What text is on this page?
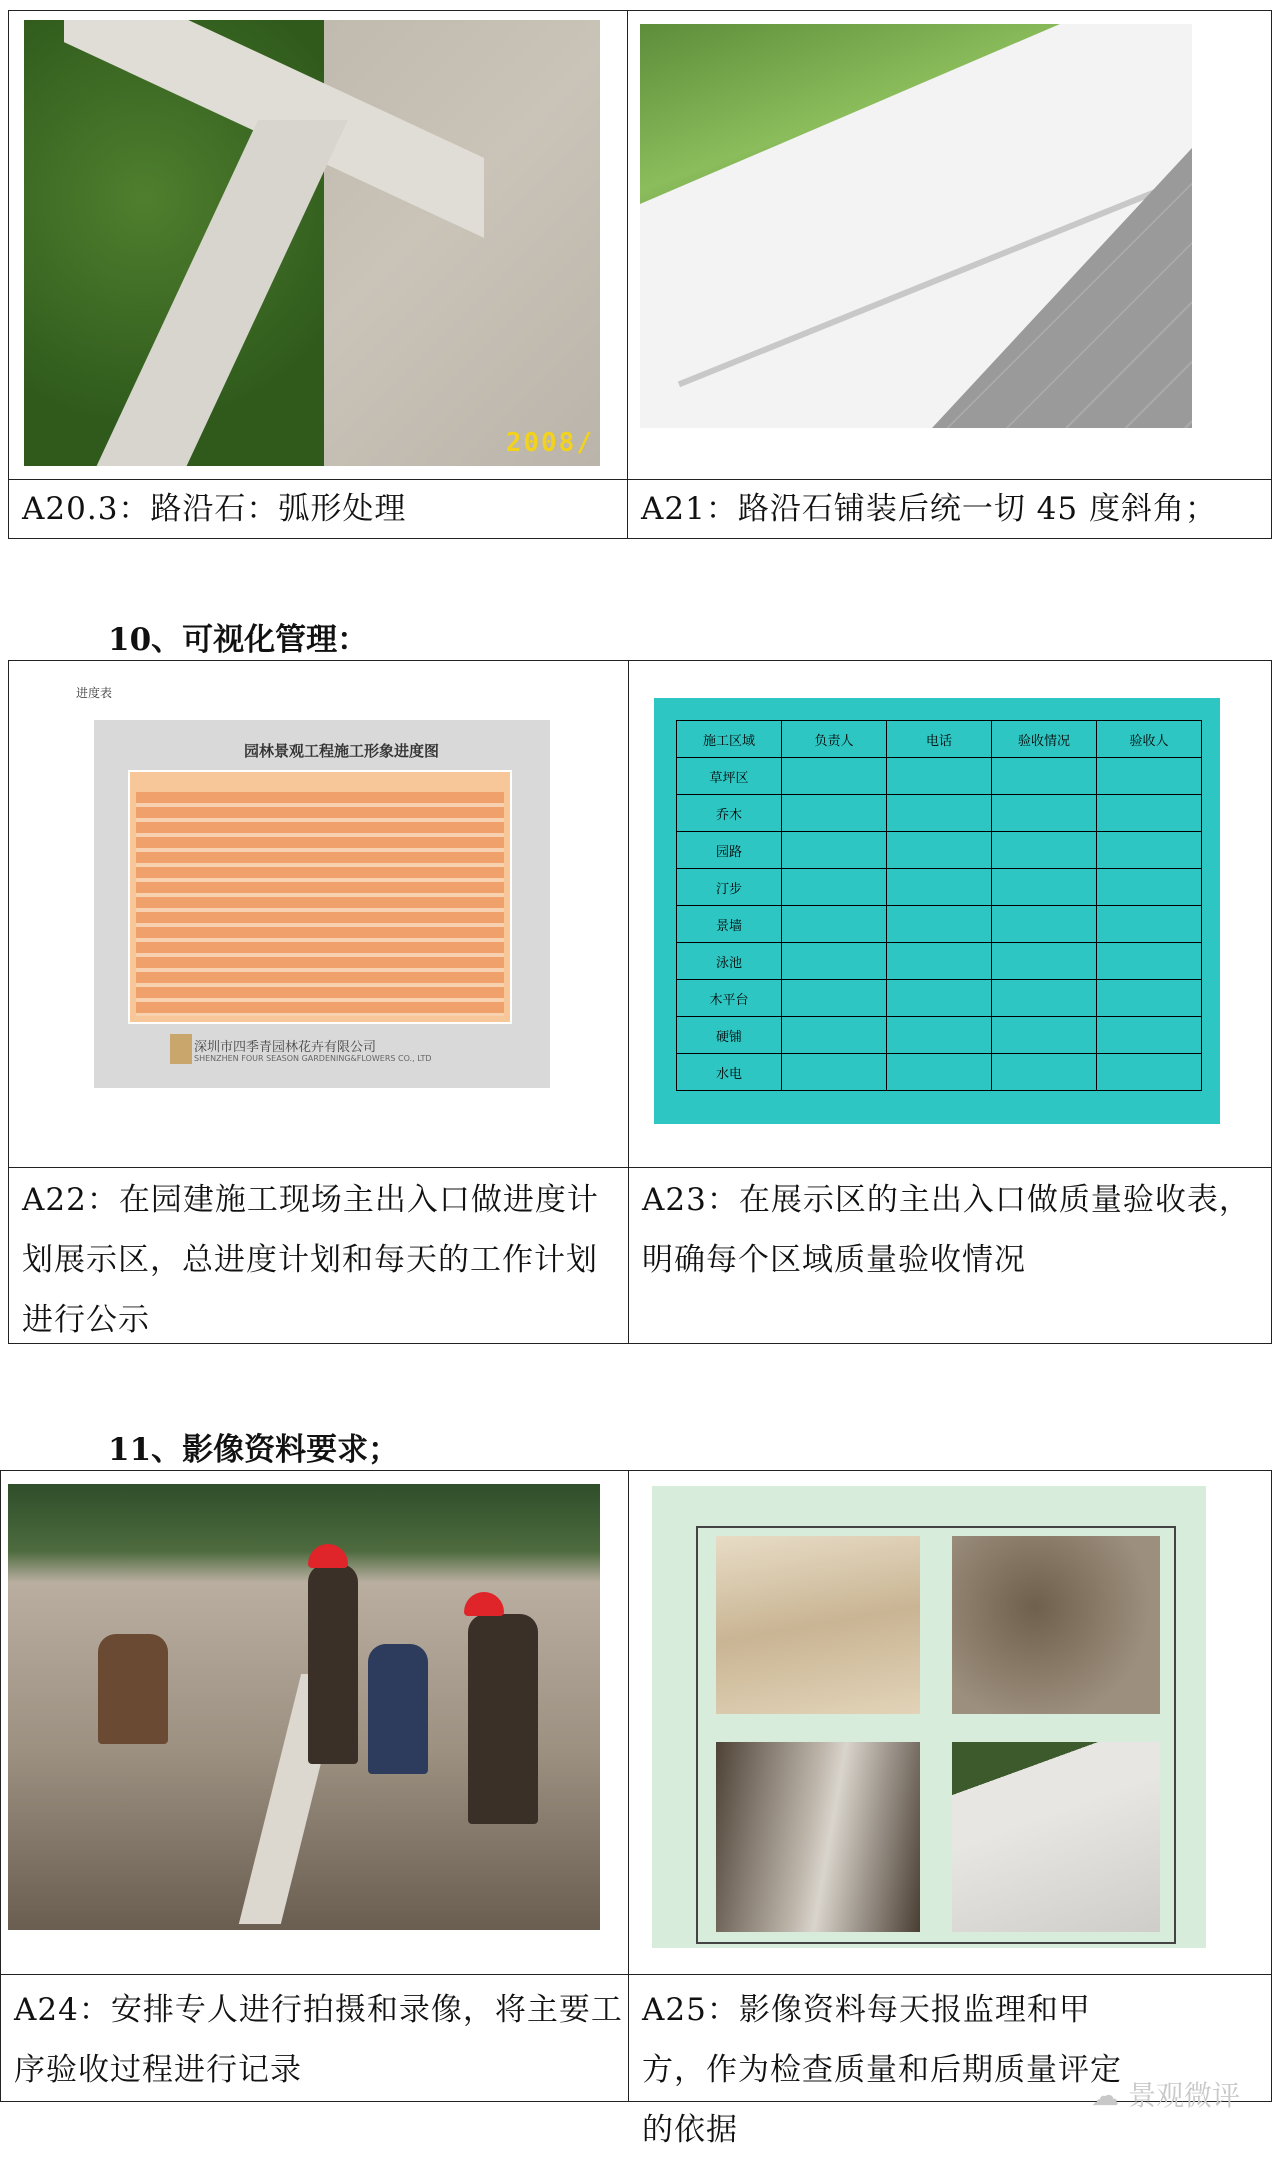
2008/
A20.3：路沿石：弧形处理	A21：路沿石铺装后统一切 45 度斜角；
10、可视化管理：
进度表
园林景观工程施工形象进度图
深圳市四季青园林花卉有限公司
SHENZHEN FOUR SEASON GARDENING&FLOWERS CO., LTD
施工区域	负责人	电话	验收情况	验收人
草坪区				
乔木				
园路				
汀步				
景墙				
泳池				
木平台				
硬铺				
水电				
A22：在园建施工现场主出入口做进度计划展示区，总进度计划和每天的工作计划进行公示
A23：在展示区的主出入口做质量验收表，明确每个区域质量验收情况
11、影像资料要求；
A24：安排专人进行拍摄和录像，将主要工序验收过程进行记录
A25：影像资料每天报监理和甲方，作为检查质量和后期质量评定的依据
☁ 景观微评
